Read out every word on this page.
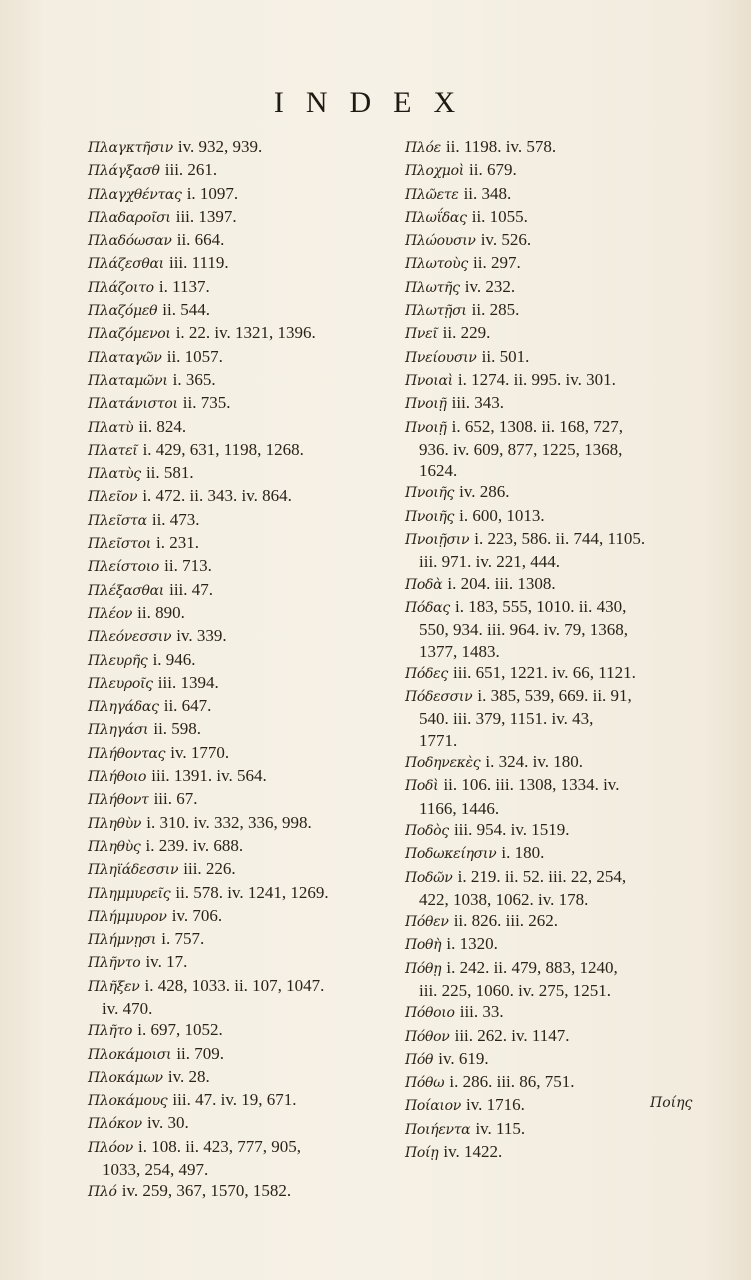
INDEX
Πλαγκτῆσιν iv. 932, 939.
Πλάγξασθ iii. 261.
Πλαγχθέντας i. 1097.
Πλαδαροῖσι iii. 1397.
Πλαδόωσαν ii. 664.
Πλάζεσθαι iii. 1119.
Πλάζοιτο i. 1137.
Πλαζόμεθ ii. 544.
Πλαζόμενοι i. 22. iv. 1321, 1396.
Πλαταγῶν ii. 1057.
Πλαταμῶνι i. 365.
Πλατάνιστοι ii. 735.
Πλατὺ ii. 824.
Πλατεῖ i. 429, 631, 1198, 1268.
Πλατὺς ii. 581.
Πλεῖον i. 472. ii. 343. iv. 864.
Πλεῖστα ii. 473.
Πλεῖστοι i. 231.
Πλείστοιο ii. 713.
Πλέξασθαι iii. 47.
Πλέον ii. 890.
Πλεόνεσσιν iv. 339.
Πλευρῆς i. 946.
Πλευροῖς iii. 1394.
Πληγάδας ii. 647.
Πληγάσι ii. 598.
Πλήθοντας iv. 1770.
Πλήθοιο iii. 1391. iv. 564.
Πλήθοντ iii. 67.
Πληθὺν i. 310. iv. 332, 336, 998.
Πληθὺς i. 239. iv. 688.
Πληϊάδεσσιν iii. 226.
Πλημμυρεῖς ii. 578. iv. 1241, 1269.
Πλήμμυρον iv. 706.
Πλήμνῃσι i. 757.
Πλῆντο iv. 17.
Πλῆξεν i. 428, 1033. ii. 107, 1047.
iv. 470.
Πλῆτο i. 697, 1052.
Πλοκάμοισι ii. 709.
Πλοκάμων iv. 28.
Πλοκάμους iii. 47. iv. 19, 671.
Πλόκον iv. 30.
Πλόον i. 108. ii. 423, 777, 905,
1033, 254, 497.
Πλό iv. 259, 367, 1570, 1582.
Πλόε ii. 1198. iv. 578.
Πλοχμοὶ ii. 679.
Πλῶετε ii. 348.
Πλωΐδας ii. 1055.
Πλώουσιν iv. 526.
Πλωτοὺς ii. 297.
Πλωτῆς iv. 232.
Πλωτῇσι ii. 285.
Πνεῖ ii. 229.
Πνείουσιν ii. 501.
Πνοιαὶ i. 1274. ii. 995. iv. 301.
Πνοιῇ iii. 343.
Πνοιῇ i. 652, 1308. ii. 168, 727,
936. iv. 609, 877, 1225, 1368,
1624.
Πνοιῆς iv. 286.
Πνοιῆς i. 600, 1013.
Πνοιῇσιν i. 223, 586. ii. 744, 1105.
iii. 971. iv. 221, 444.
Ποδὰ i. 204. iii. 1308.
Πόδας i. 183, 555, 1010. ii. 430,
550, 934. iii. 964. iv. 79, 1368,
1377, 1483.
Πόδες iii. 651, 1221. iv. 66, 1121.
Πόδεσσιν i. 385, 539, 669. ii. 91,
540. iii. 379, 1151. iv. 43,
1771.
Ποδηνεκὲς i. 324. iv. 180.
Ποδὶ ii. 106. iii. 1308, 1334. iv.
1166, 1446.
Ποδὸς iii. 954. iv. 1519.
Ποδωκείησιν i. 180.
Ποδῶν i. 219. ii. 52. iii. 22, 254,
422, 1038, 1062. iv. 178.
Πόθεν ii. 826. iii. 262.
Ποθὴ i. 1320.
Πόθῃ i. 242. ii. 479, 883, 1240,
iii. 225, 1060. iv. 275, 1251.
Πόθοιο iii. 33.
Πόθον iii. 262. iv. 1147.
Πόθ iv. 619.
Πόθω i. 286. iii. 86, 751.
Ποίαιον iv. 1716.
Ποιήεντα iv. 115.
Ποίῃ iv. 1422.
Ποίης
